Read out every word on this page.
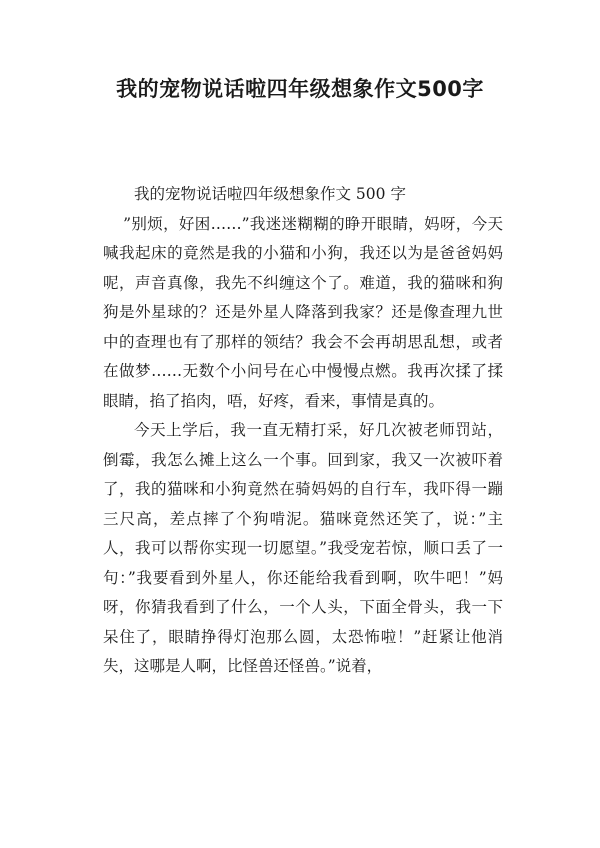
我的宠物说话啦四年级想象作文500字

我的宠物说话啦四年级想象作文 500 字

”别烦，好困……”我迷迷糊糊的睁开眼睛，妈呀，今天喊我起床的竟然是我的小猫和小狗，我还以为是爸爸妈妈呢，声音真像，我先不纠缠这个了。难道，我的猫咪和狗狗是外星球的？还是外星人降落到我家？还是像查理九世中的查理也有了那样的领结？我会不会再胡思乱想，或者在做梦……无数个小问号在心中慢慢点燃。我再次揉了揉眼睛，掐了掐肉，唔，好疼，看来，事情是真的。

今天上学后，我一直无精打采，好几次被老师罚站，倒霉，我怎么摊上这么一个事。回到家，我又一次被吓着了，我的猫咪和小狗竟然在骑妈妈的自行车，我吓得一蹦三尺高，差点摔了个狗啃泥。猫咪竟然还笑了，说：”主人，我可以帮你实现一切愿望。”我受宠若惊，顺口丢了一句：”我要看到外星人，你还能给我看到啊，吹牛吧！”妈呀，你猜我看到了什么，一个人头，下面全骨头，我一下呆住了，眼睛挣得灯泡那么圆，太恐怖啦！”赶紧让他消失，这哪是人啊，比怪兽还怪兽。”说着，
